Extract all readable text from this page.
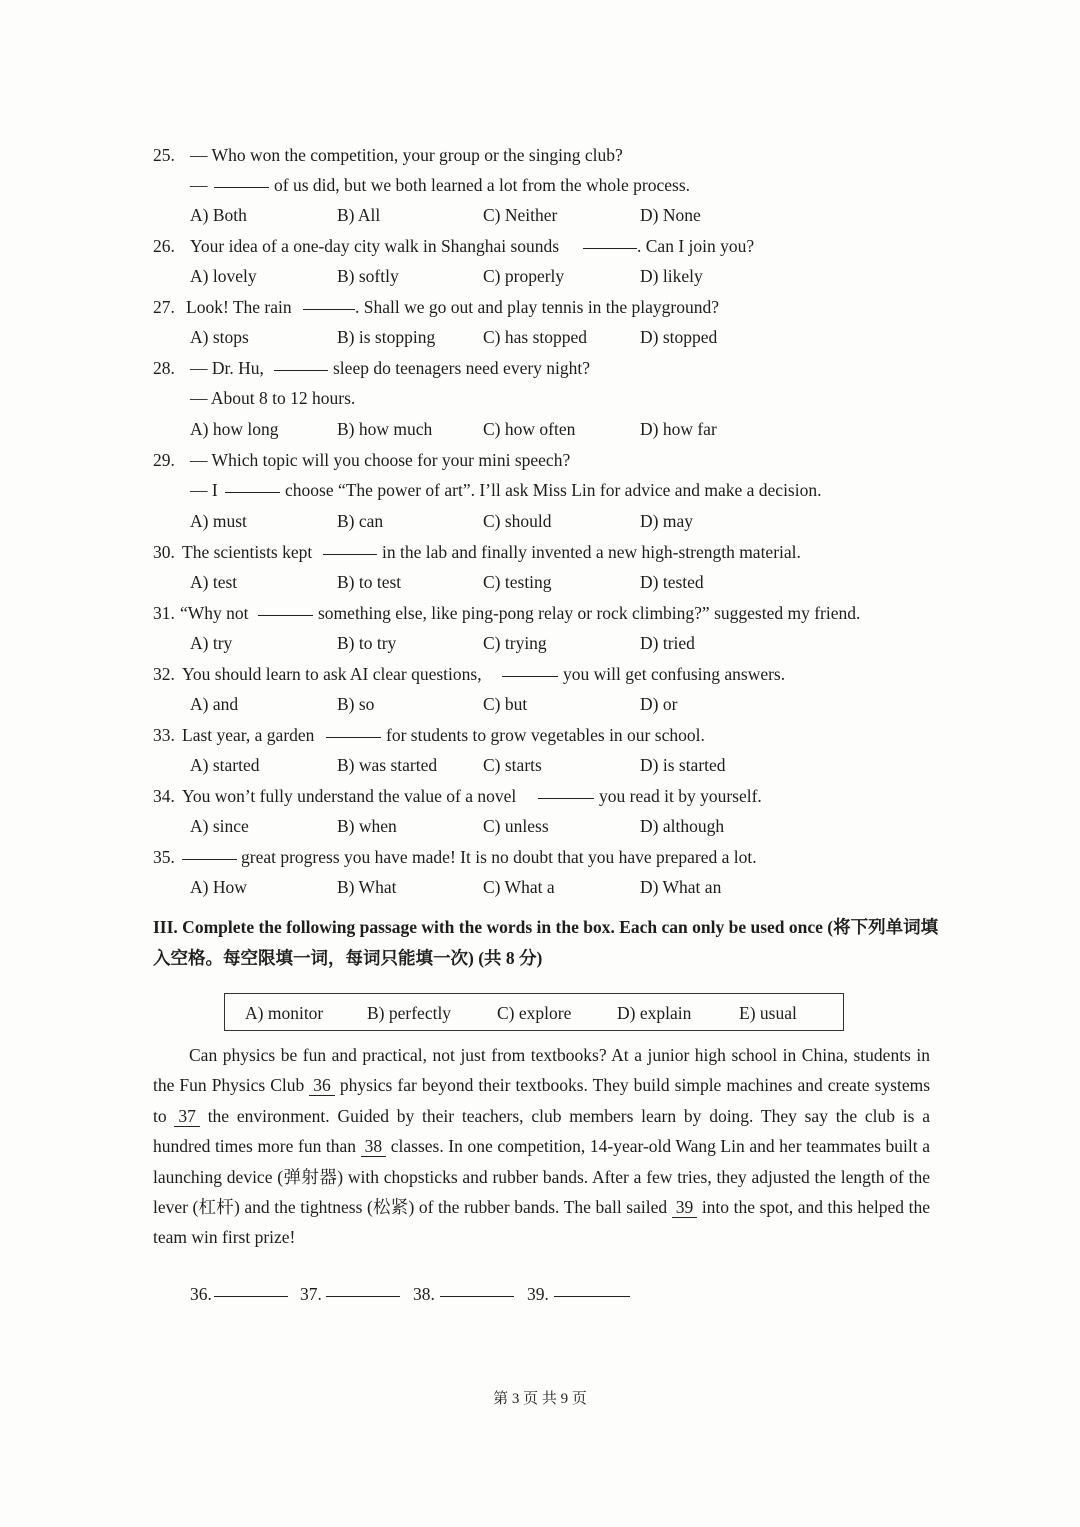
25. — Who won the competition, your group or the singing club?
—	of us did, but we both learned a lot from the whole process.
A) Both	B) All	C) Neither	D) None
26. Your idea of a one-day city walk in Shanghai sounds	. Can I join you?
A) lovely	B) softly	C) properly	D) likely
27. Look! The rain	. Shall we go out and play tennis in the playground?
A) stops	B) is stopping	C) has stopped	D) stopped
28. — Dr. Hu,	sleep do teenagers need every night?
— About 8 to 12 hours.
A) how long	B) how much	C) how often	D) how far
29. — Which topic will you choose for your mini speech?
— I	choose “The power of art”. I’ll ask Miss Lin for advice and make a decision.
A) must	B) can	C) should	D) may
30. The scientists kept	in the lab and finally invented a new high-strength material.
A) test	B) to test	C) testing	D) tested
31. “Why not	something else, like ping-pong relay or rock climbing?” suggested my friend.
A) try	B) to try	C) trying	D) tried
32. You should learn to ask AI clear questions,	you will get confusing answers.
A) and	B) so	C) but	D) or
33. Last year, a garden	for students to grow vegetables in our school.
A) started	B) was started	C) starts	D) is started
34. You won’t fully understand the value of a novel	you read it by yourself.
A) since	B) when	C) unless	D) although
35.	great progress you have made! It is no doubt that you have prepared a lot.
A) How	B) What	C) What a	D) What an
III. Complete the following passage with the words in the box. Each can only be used once (将下列单词填入空格。每空限填一词，每词只能填一次) (共 8 分)
A) monitor B) perfectly	C) explore	D) explain	E) usual
Can physics be fun and practical, not just from textbooks? At a junior high school in China, students in the Fun Physics Club 36 physics far beyond their textbooks. They build simple machines and create systems to 37 the environment. Guided by their teachers, club members learn by doing. They say the club is a hundred times more fun than 38 classes. In one competition, 14-year-old Wang Lin and her teammates built a launching device (弹射器) with chopsticks and rubber bands. After a few tries, they adjusted the length of the lever (杠杆) and the tightness (松紧) of the rubber bands. The ball sailed 39 into the spot, and this helped the team win first prize!
36.	37.	38.	39.
第 3 页 共 9 页
